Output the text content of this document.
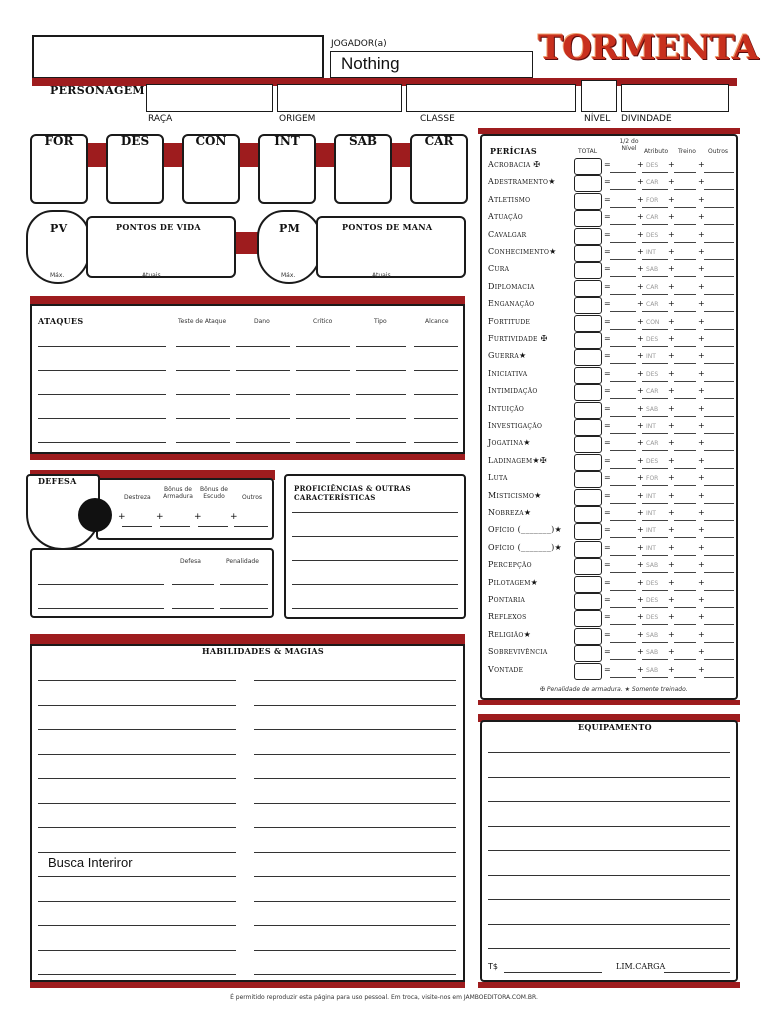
JOGADOR(a)
Nothing	TORMENTA
PERSONAGEM
RAÇA	ORIGEM	CLASSE	NÍVEL DIVINDADE
FOR	DES	CON	INT	SAB	CAR
PV
Máx.
PONTOS DE VIDA
Atuais
PM
Máx.
PONTOS DE MANA
Atuais
ATAQUES	Teste de Ataque	Dano	Crítico	Tipo	Alcance
Destreza
Bônus de Armadura
Bônus de Escudo	Outros
+	+	+	+
DEFESA
Defesa	Penalidade
PROFICIÊNCIAS & OUTRAS CARACTERÍSTICAS
HABILIDADES & MAGIAS
Busca Interiror
PERÍCIAS	TOTAL
1/2 do Nível	Atributo Treino Outros
✠ Penalidade de armadura. ★ Somente treinado.
Acrobacia ✠	=	+ DES +	+
Adestramento★	=	+ CAR +	+
Atletismo	=	+ FOR +	+
Atuação	=	+ CAR +	+
Cavalgar	=	+ DES +	+
Conhecimento★	=	+ INT +	+
Cura	=	+ SAB +	+
Diplomacia	=	+ CAR +	+
Enganação	=	+ CAR +	+
Fortitude	=	+ CON +	+
Furtividade ✠	=	+ DES +	+
Guerra★	=	+ INT +	+
Iniciativa	=	+ DES +	+
Intimidação	=	+ CAR +	+
Intuição	=	+ SAB +	+
Investigação	=	+ INT +	+
Jogatina★	=	+ CAR +	+
Ladinagem★✠	=	+ DES +	+
Luta	=	+ FOR +	+
Misticismo★	=	+ INT +	+
Nobreza★	=	+ INT +	+
Ofício (_______)★	=	+ INT +	+
Ofício (_______)★	=	+ INT +	+
Percepção	=	+ SAB +	+
Pilotagem★	=	+ DES +	+
Pontaria	=	+ DES +	+
Reflexos	=	+ DES +	+
Religião★	=	+ SAB +	+
Sobrevivência	=	+ SAB +	+
Vontade	=	+ SAB +	+
EQUIPAMENTO
T$	LIM.CARGA
É permitido reproduzir esta página para uso pessoal. Em troca, visite-nos em JAMBOEDITORA.COM.BR.
